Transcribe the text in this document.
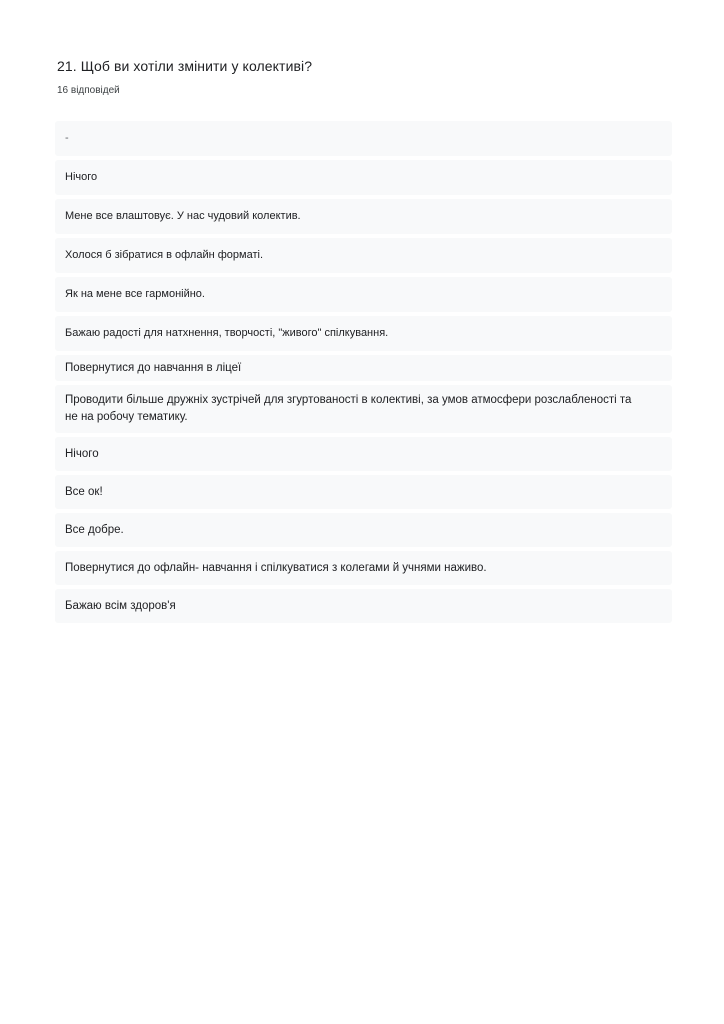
21. Щоб ви хотіли змінити у колективі?
16 відповідей
-
Нічого
Мене все влаштовує. У нас чудовий колектив.
Холося б зібратися в офлайн форматі.
Як на мене все гармонійно.
Бажаю радості для натхнення, творчості, "живого" спілкування.
Повернутися до навчання в ліцеї
Проводити більше дружніх зустрічей для згуртованості в колективі, за умов атмосфери розслабленості та не на робочу тематику.
Нічого
Все ок!
Все добре.
Повернутися до офлайн- навчання і спілкуватися з колегами й учнями наживо.
Бажаю всім здоров'я
